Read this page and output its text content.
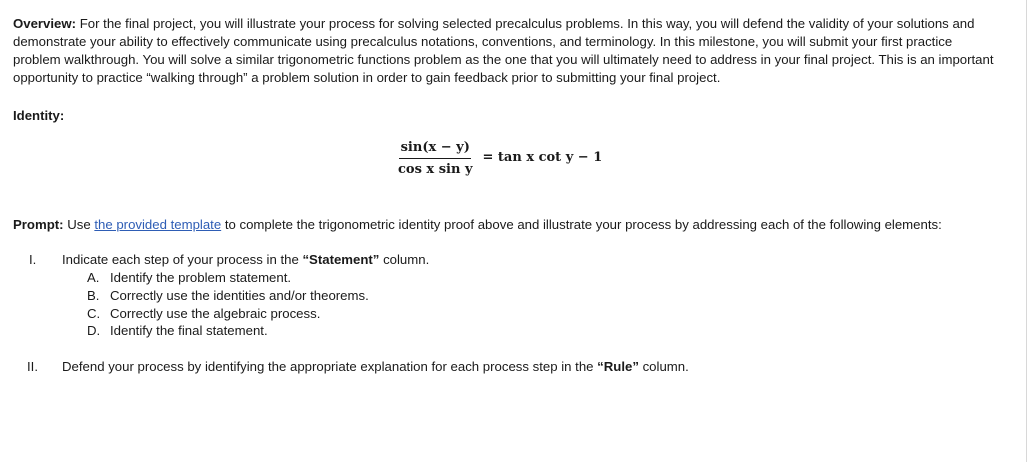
Overview: For the final project, you will illustrate your process for solving selected precalculus problems. In this way, you will defend the validity of your solutions and demonstrate your ability to effectively communicate using precalculus notations, conventions, and terminology. In this milestone, you will submit your first practice problem walkthrough. You will solve a similar trigonometric functions problem as the one that you will ultimately need to address in your final project. This is an important opportunity to practice “walking through” a problem solution in order to gain feedback prior to submitting your final project.
Identity:
$\frac{\sin(x - y)}{\text{cos x sin y}} = \tan x$ cot y − 1
Prompt: Use the provided template to complete the trigonometric identity proof above and illustrate your process by addressing each of the following elements:
I.	Indicate each step of your process in the “Statement” column.
A. Identify the problem statement.
B. Correctly use the identities and/or theorems.
C. Correctly use the algebraic process.
D. Identify the final statement.
II.	Defend your process by identifying the appropriate explanation for each process step in the “Rule” column.
